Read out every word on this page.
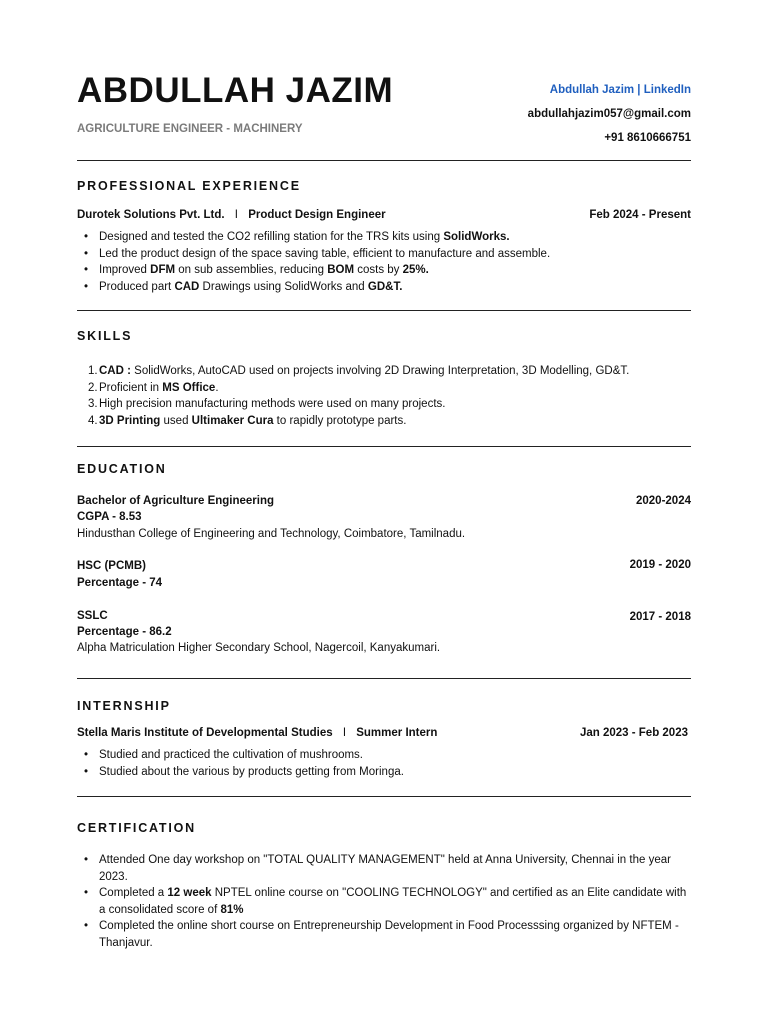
ABDULLAH JAZIM
AGRICULTURE ENGINEER - MACHINERY
Abdullah Jazim | LinkedIn
abdullahjazim057@gmail.com
+91 8610666751
PROFESSIONAL EXPERIENCE
Durotek Solutions Pvt. Ltd. I Product Design Engineer	Feb 2024 - Present
• Designed and tested the CO2 refilling station for the TRS kits using SolidWorks.
• Led the product design of the space saving table, efficient to manufacture and assemble.
• Improved DFM on sub assemblies, reducing BOM costs by 25%.
• Produced part CAD Drawings using SolidWorks and GD&T.
SKILLS
1. CAD : SolidWorks, AutoCAD used on projects involving 2D Drawing Interpretation, 3D Modelling, GD&T.
2. Proficient in MS Office.
3. High precision manufacturing methods were used on many projects.
4. 3D Printing used Ultimaker Cura to rapidly prototype parts.
EDUCATION
Bachelor of Agriculture Engineering	2020-2024
CGPA - 8.53
Hindusthan College of Engineering and Technology, Coimbatore, Tamilnadu.
HSC (PCMB)	2019 - 2020
Percentage - 74
SSLC	2017 - 2018
Percentage - 86.2
Alpha Matriculation Higher Secondary School, Nagercoil, Kanyakumari.
INTERNSHIP
Stella Maris Institute of Developmental Studies I Summer Intern	Jan 2023 - Feb 2023
• Studied and practiced the cultivation of mushrooms.
• Studied about the various by products getting from Moringa.
CERTIFICATION
• Attended One day workshop on "TOTAL QUALITY MANAGEMENT" held at Anna University, Chennai in the year 2023.
• Completed a 12 week NPTEL online course on "COOLING TECHNOLOGY" and certified as an Elite candidate with a consolidated score of 81%
• Completed the online short course on Entrepreneurship Development in Food Processsing organized by NFTEM - Thanjavur.
